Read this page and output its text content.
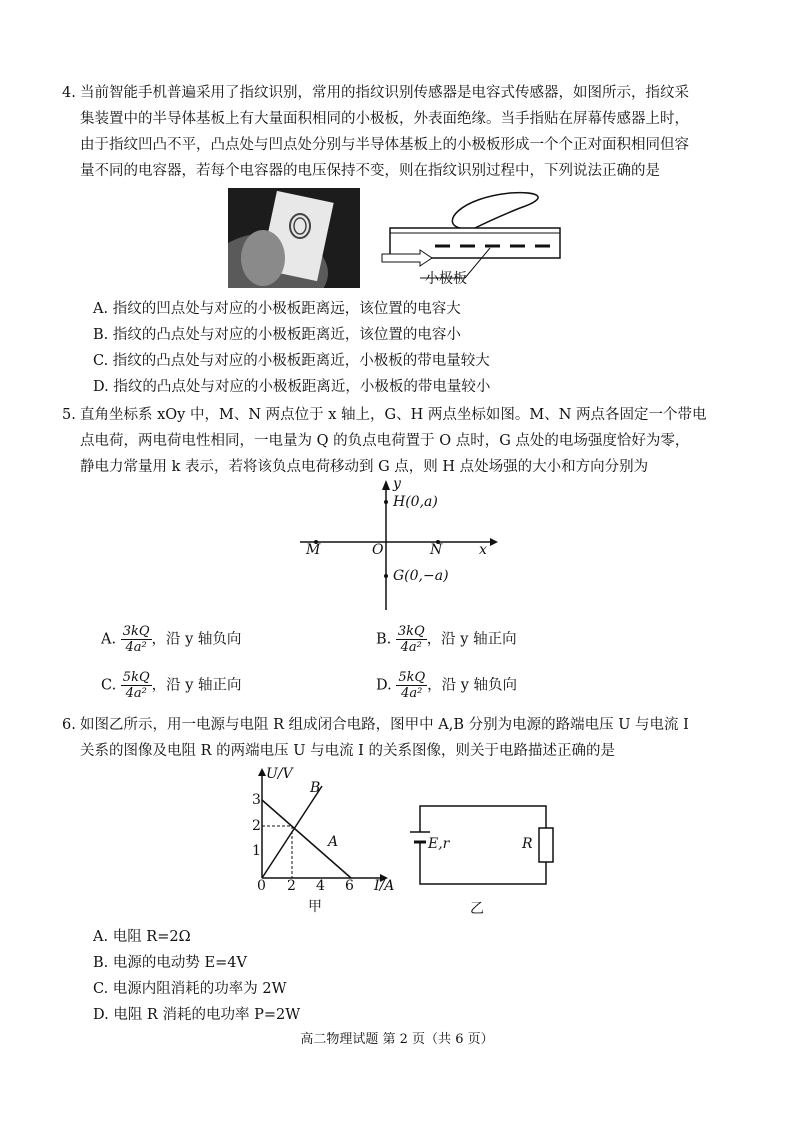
4. 当前智能手机普遍采用了指纹识别，常用的指纹识别传感器是电容式传感器，如图所示，指纹采
集装置中的半导体基板上有大量面积相同的小极板，外表面绝缘。当手指贴在屏幕传感器上时，
由于指纹凹凸不平，凸点处与凹点处分别与半导体基板上的小极板形成一个个正对面积相同但容
量不同的电容器，若每个电容器的电压保持不变，则在指纹识别过程中，下列说法正确的是
小极板
A. 指纹的凹点处与对应的小极板距离远，该位置的电容大
B. 指纹的凸点处与对应的小极板距离近，该位置的电容小
C. 指纹的凸点处与对应的小极板距离近，小极板的带电量较大
D. 指纹的凸点处与对应的小极板距离近，小极板的带电量较小
5. 直角坐标系 xOy 中，M、N 两点位于 x 轴上，G、H 两点坐标如图。M、N 两点各固定一个带电
点电荷，两电荷电性相同，一电量为 Q 的负点电荷置于 O 点时，G 点处的电场强度恰好为零，
静电力常量用 k 表示，若将该负点电荷移动到 G 点，则 H 点处场强的大小和方向分别为
y
x
O
M	N
H(0,a)
G(0,−a)
A. $\frac{3kQ}{\text{4a²}}$ ，沿 y 轴负向	B. $\frac{3kQ}{\text{4a²}}$ ，沿 y 轴正向
C. $\frac{5kQ}{\text{4a²}}$ ，沿 y 轴正向	D. $\frac{5kQ}{\text{4a²}}$ ，沿 y 轴负向
6. 如图乙所示，用一电源与电阻 R 组成闭合电路，图甲中 A,B 分别为电源的路端电压 U 与电流 I
关系的图像及电阻 R 的两端电压 U 与电流 I 的关系图像，则关于电路描述正确的是
U/V
3
2
1
0 2 4 6 I/A
A
B
甲
E,r	R
乙
A. 电阻 R=2Ω
B. 电源的电动势 E=4V
C. 电源内阻消耗的功率为 2W
D. 电阻 R 消耗的电功率 P=2W
高二物理试题 第 2 页（共 6 页）
